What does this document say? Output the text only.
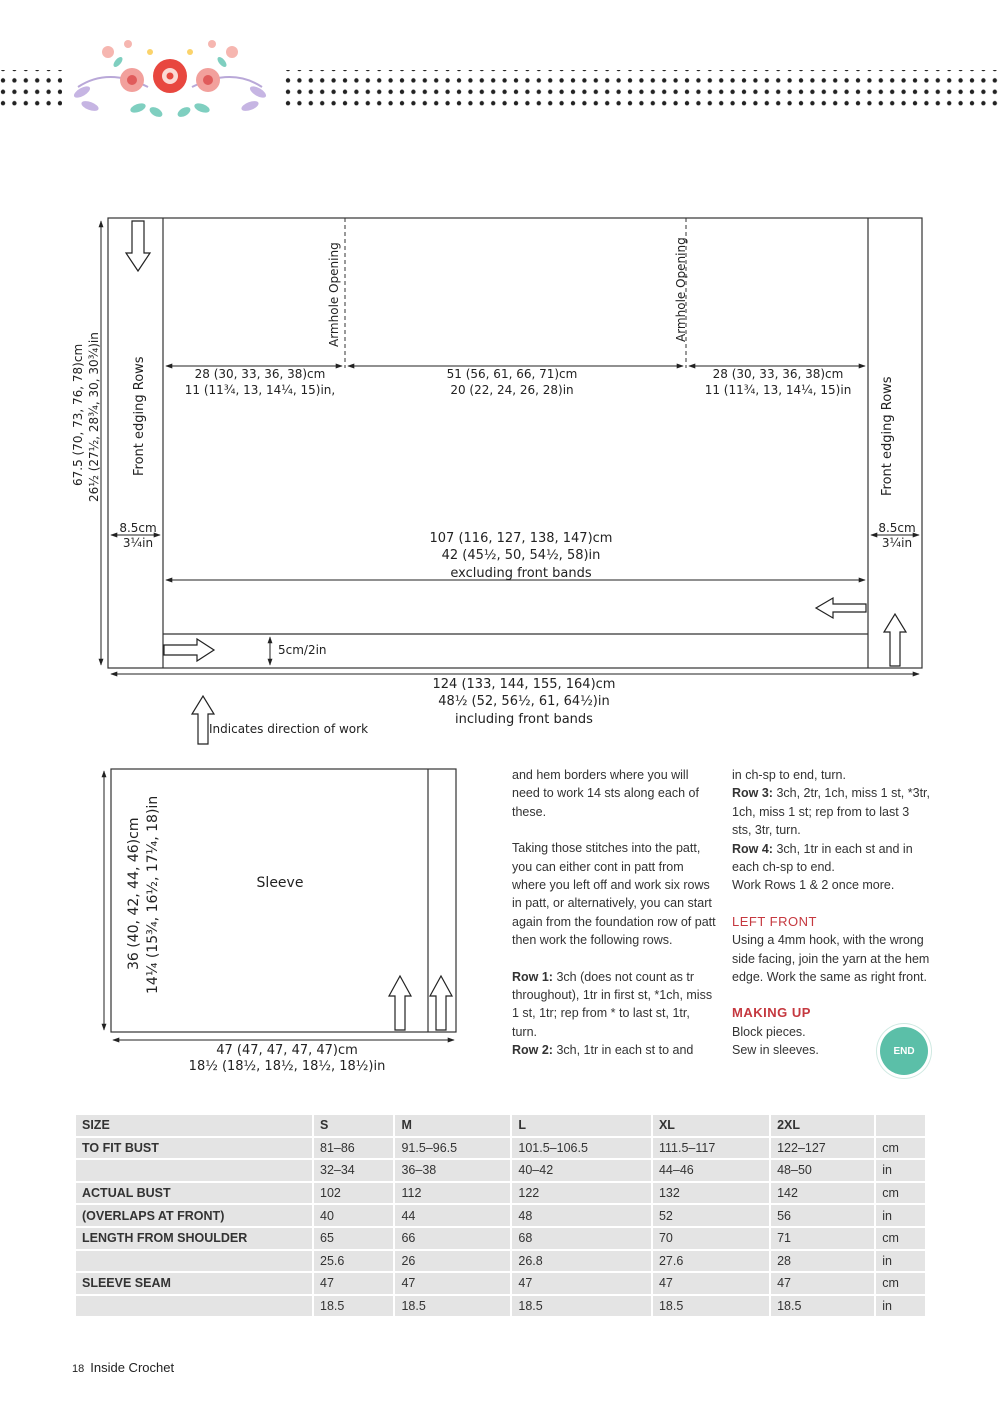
Armhole Opening	Armhole Opening
Front edging Rows	Front edging Rows
67.5 (70, 73, 76, 78)cm 26½ (27½, 28¾, 30, 30¾)in	28 (30, 33, 36, 38)cm
11 (11¾, 13, 14¼, 15)in,
51 (56, 61, 66, 71)cm
20 (22, 24, 26, 28)in
28 (30, 33, 36, 38)cm
11 (11¾, 13, 14¼, 15)in
8.5cm
3¼in
8.5cm
3¼in
107 (116, 127, 138, 147)cm
42 (45½, 50, 54½, 58)in
excluding front bands
5cm/2in
124 (133, 144, 155, 164)cm
48½ (52, 56½, 61, 64½)in
including front bands
Indicates direction of work
Sleeve
36 (40, 42, 44, 46)cm 14¼ (15¾, 16½, 17¼, 18)in
47 (47, 47, 47, 47)cm
18½ (18½, 18½, 18½, 18½)in

and hem borders where you will need to work 14 sts along each of these.

Taking those stitches into the patt, you can either cont in patt from where you left off and work six rows in patt, or alternatively, you can start again from the foundation row of patt then work the following rows.

Row 1: 3ch (does not count as tr throughout), 1tr in first st, *1ch, miss 1 st, 1tr; rep from * to last st, 1tr, turn.
Row 2: 3ch, 1tr in each st to and
in ch-sp to end, turn.
Row 3: 3ch, 2tr, 1ch, miss 1 st, *3tr, 1ch, miss 1 st; rep from to last 3 sts, 3tr, turn.
Row 4: 3ch, 1tr in each st and in each ch-sp to end.

Work Rows 1 & 2 once more.

LEFT FRONT

Using a 4mm hook, with the wrong side facing, join the yarn at the hem edge. Work the same as right front.

MAKING UP
Block pieces.
Sew in sleeves.	END
SIZE	S	M	L	XL	2XL	
TO FIT BUST	81–86	91.5–96.5	101.5–106.5	111.5–117	122–127	cm
	32–34	36–38	40–42	44–46	48–50	in
ACTUAL BUST	102	112	122	132	142	cm
(OVERLAPS AT FRONT)	40	44	48	52	56	in
LENGTH FROM SHOULDER	65	66	68	70	71	cm
	25.6	26	26.8	27.6	28	in
SLEEVE SEAM	47	47	47	47	47	cm
	18.5	18.5	18.5	18.5	18.5	in
18 Inside Crochet
